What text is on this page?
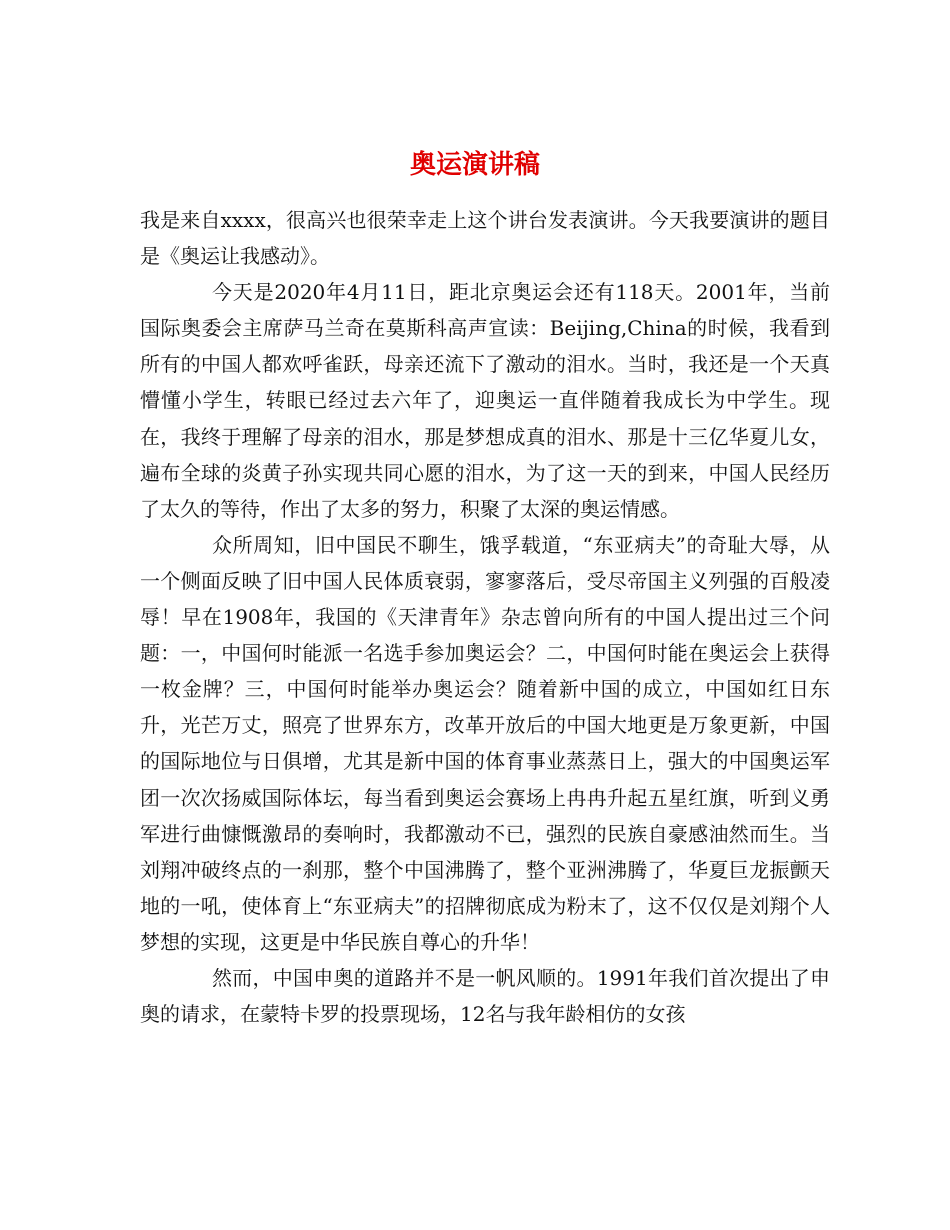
奥运演讲稿

我是来自xxxx，很高兴也很荣幸走上这个讲台发表演讲。今天我要演讲的题目是《奥运让我感动》。

今天是2020年4月11日，距北京奥运会还有118天。2001年，当前国际奥委会主席萨马兰奇在莫斯科高声宣读：Beijing,China的时候，我看到所有的中国人都欢呼雀跃，母亲还流下了激动的泪水。当时，我还是一个天真懵懂小学生，转眼已经过去六年了，迎奥运一直伴随着我成长为中学生。现在，我终于理解了母亲的泪水，那是梦想成真的泪水、那是十三亿华夏儿女，遍布全球的炎黄子孙实现共同心愿的泪水，为了这一天的到来，中国人民经历了太久的等待，作出了太多的努力，积聚了太深的奥运情感。

众所周知，旧中国民不聊生，饿孚载道，“东亚病夫”的奇耻大辱，从一个侧面反映了旧中国人民体质衰弱，寥寥落后，受尽帝国主义列强的百般凌辱！早在1908年，我国的《天津青年》杂志曾向所有的中国人提出过三个问题：一，中国何时能派一名选手参加奥运会？二，中国何时能在奥运会上获得一枚金牌？三，中国何时能举办奥运会？随着新中国的成立，中国如红日东升，光芒万丈，照亮了世界东方，改革开放后的中国大地更是万象更新，中国的国际地位与日俱增，尤其是新中国的体育事业蒸蒸日上，强大的中国奥运军团一次次扬威国际体坛，每当看到奥运会赛场上冉冉升起五星红旗，听到义勇军进行曲慷慨激昂的奏响时，我都激动不已，强烈的民族自豪感油然而生。当刘翔冲破终点的一刹那，整个中国沸腾了，整个亚洲沸腾了，华夏巨龙振颤天地的一吼，使体育上“东亚病夫”的招牌彻底成为粉末了，这不仅仅是刘翔个人梦想的实现，这更是中华民族自尊心的升华！

然而，中国申奥的道路并不是一帆风顺的。1991年我们首次提出了申奥的请求，在蒙特卡罗的投票现场，12名与我年龄相仿的女孩
